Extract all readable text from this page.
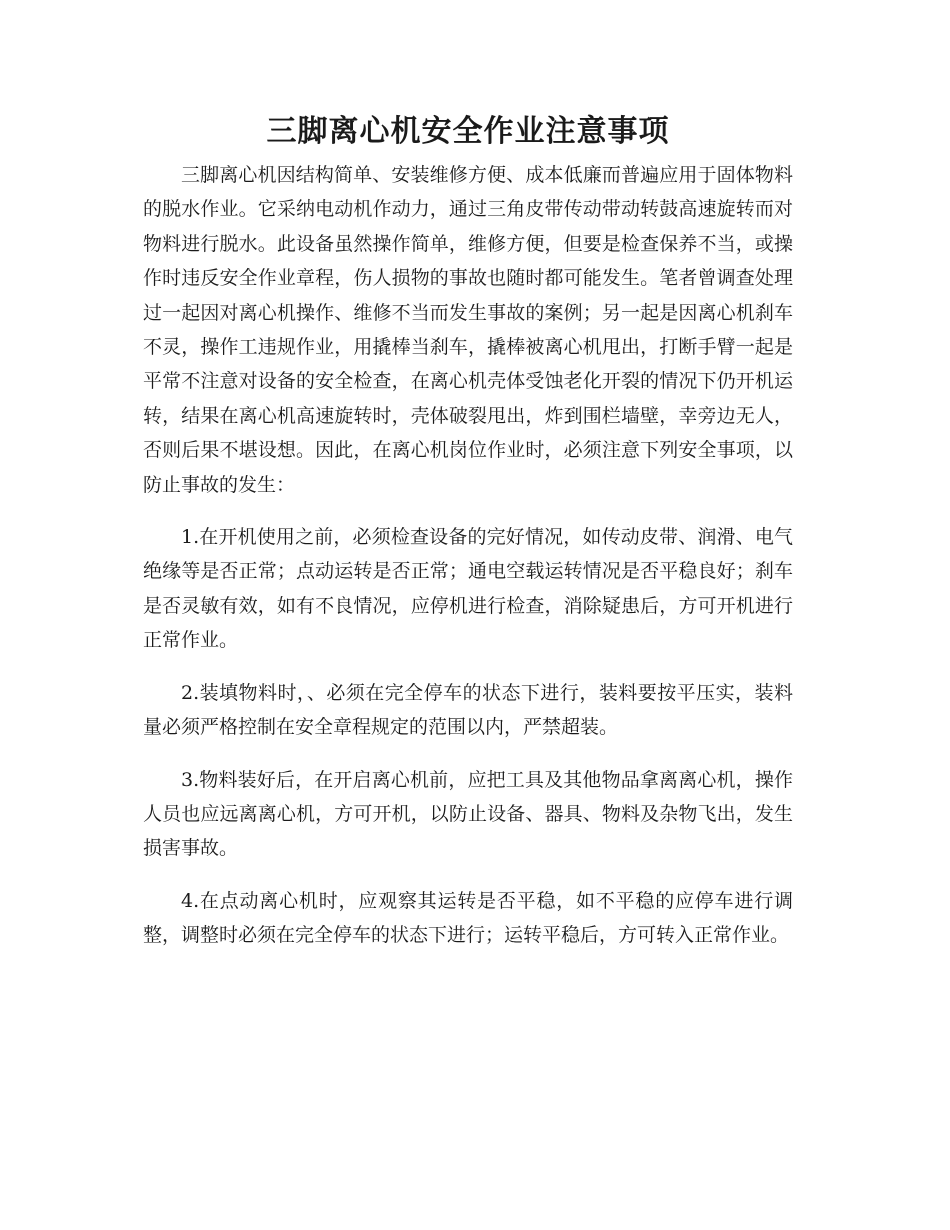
三脚离心机安全作业注意事项

三脚离心机因结构简单、安装维修方便、成本低廉而普遍应用于固体物料的脱水作业。它采纳电动机作动力，通过三角皮带传动带动转鼓高速旋转而对物料进行脱水。此设备虽然操作简单，维修方便，但要是检查保养不当，或操作时违反安全作业章程，伤人损物的事故也随时都可能发生。笔者曾调查处理过一起因对离心机操作、维修不当而发生事故的案例；另一起是因离心机刹车不灵，操作工违规作业，用撬棒当刹车，撬棒被离心机甩出，打断手臂一起是平常不注意对设备的安全检查，在离心机壳体受蚀老化开裂的情况下仍开机运转，结果在离心机高速旋转时，壳体破裂甩出，炸到围栏墙壁，幸旁边无人，否则后果不堪设想。因此，在离心机岗位作业时，必须注意下列安全事项，以防止事故的发生：

1.在开机使用之前，必须检查设备的完好情况，如传动皮带、润滑、电气绝缘等是否正常；点动运转是否正常；通电空载运转情况是否平稳良好；刹车是否灵敏有效，如有不良情况，应停机进行检查，消除疑患后，方可开机进行正常作业。

2.装填物料时，、必须在完全停车的状态下进行，装料要按平压实，装料量必须严格控制在安全章程规定的范围以内，严禁超装。

3.物料装好后，在开启离心机前，应把工具及其他物品拿离离心机，操作人员也应远离离心机，方可开机，以防止设备、器具、物料及杂物飞出，发生损害事故。

4.在点动离心机时，应观察其运转是否平稳，如不平稳的应停车进行调整，调整时必须在完全停车的状态下进行；运转平稳后，方可转入正常作业。
